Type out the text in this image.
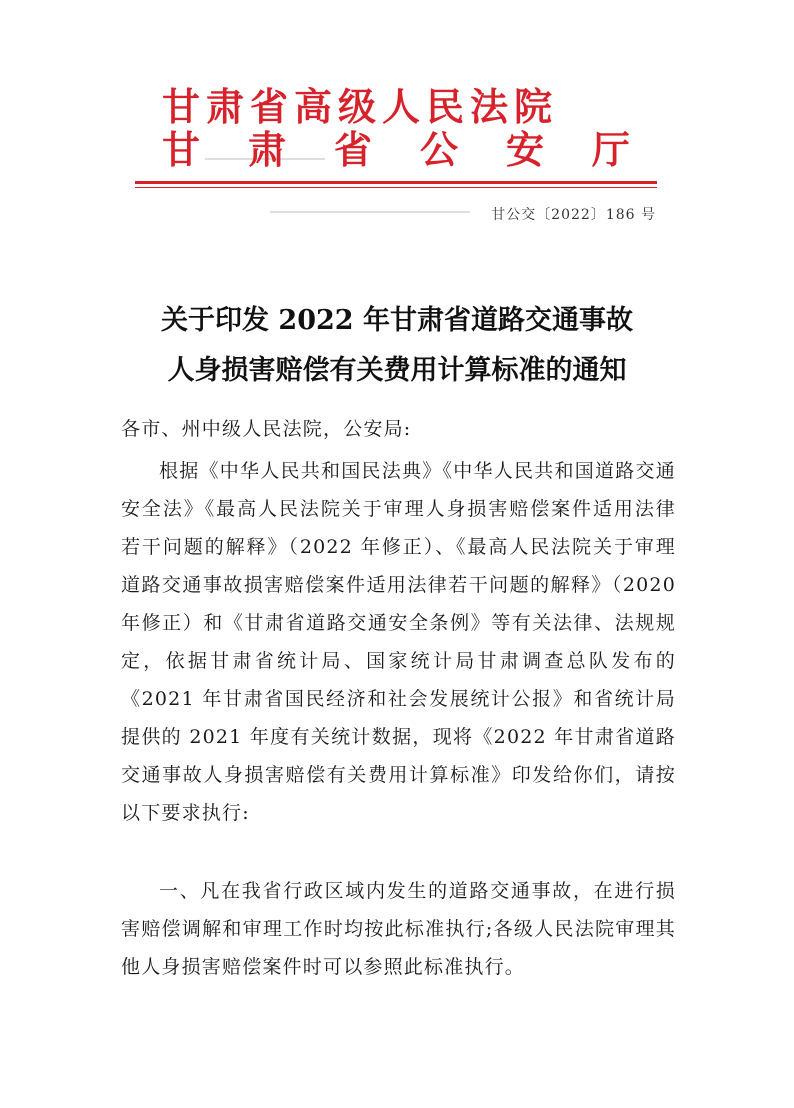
甘肃省高级人民法院
甘 肃 省 公 安 厅
甘公交〔2022〕186 号
关于印发 2022 年甘肃省道路交通事故
人身损害赔偿有关费用计算标准的通知
各市、州中级人民法院，公安局:
根据《中华人民共和国民法典》《中华人民共和国道路交通安全法》《最高人民法院关于审理人身损害赔偿案件适用法律若干问题的解释》（2022 年修正）、《最高人民法院关于审理道路交通事故损害赔偿案件适用法律若干问题的解释》（2020 年修正）和《甘肃省道路交通安全条例》等有关法律、法规规定，依据甘肃省统计局、国家统计局甘肃调查总队发布的《2021 年甘肃省国民经济和社会发展统计公报》和省统计局提供的 2021 年度有关统计数据，现将《2022 年甘肃省道路交通事故人身损害赔偿有关费用计算标准》印发给你们，请按以下要求执行:
一、凡在我省行政区域内发生的道路交通事故，在进行损害赔偿调解和审理工作时均按此标准执行;各级人民法院审理其他人身损害赔偿案件时可以参照此标准执行。
